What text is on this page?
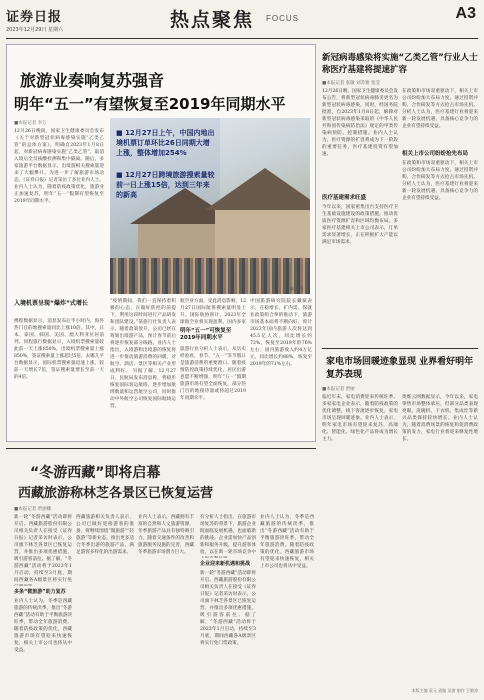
证券日报
2023年12月29日 星期六	热点聚焦 FOCUS	A3
旅游业奏响复苏强音
明年“五一”有望恢复至2019年同期水平
■本报记者 李万
12月26日晚间，国家卫生健康委员会发布《关于对新型冠状病毒感染实施“乙类乙管”的总体方案》，明确自2023年1月8日起，对新冠病毒感染实施“乙类乙管”，取消入境后全员核酸检测和集中隔离。随后，多家旅游平台数据显示，出境游相关搜索量迎来了大幅攀升。为进一步了解旅游市场动态，《证券日报》记者采访了多位业内人士。业内人士认为，随着防疫政策优化，旅游业正加速复苏，明年“五一”假期有望恢复至2019年同期水平。
入境机票呈现“爆炸”式增长
携程数据显示，消息发布后半小时内，海外热门目的地搜索量同比上涨10倍。其中，日本、泰国、韩国、美国、澳大利亚位居前列。同程旅行数据显示，入境机票搜索量较此前一天上涨850%，出境机票搜索量上涨850%，签证搜索量上涨超过5倍。去哪儿平台数据显示，国际机票搜索量迅速上涨，较前一天增长7倍，签证搜索量增长至前一天的4倍。
■ 12月27日上午，中国内地出境机票订单环比26日同期大增上涨，整体增加254%
■ 12月27日跨境旅游搜索量较前一日上涨15倍，达到三年来的新高
王巍 制图
“疫情期间，我们一直保持着积极的心态，在做好防控的前提下，利用这段时间进行产品研发和团队建设。”某旅行社负责人表示，随着政策放开，公司已经在筹划出境游产品，预计春节前后将逐步恢复部分线路。业内人士指出，入境游和出境游的恢复将进一步推动旅游消费的回暖，对航空、酒店、景区等相关产业形成利好。 另据了解，12月27日，民航局发布消息称，将稳步恢复国际客运航班，逐步增加航班数量和运营航空公司，同时推动中外航空公司恢复国际航线运营。
航空业方面，受此消息影响，12月27日国际航班搜索量明显上升。国际航协预计，2023年全球航空业将实现盈利。国内多家
明年“五一”可恢复至2019年同期水平
旅游行业分析人士表示，从历史经验看，春节、“五一”等节假日是旅游消费的重要窗口。随着疫情防控政策持续优化，居民出游意愿不断增强，明年“五一”假期旅游市场有望全面恢复，部分热门目的地接待量或将超过2019年同期水平。
中国旅游研究院院长戴斌表示，在稳增长、扩内需、保就业政策组合拳的推动下，旅游市场基本面将不断向好。预计2023年国内旅游人次将达到45.5亿人次，同比增长约73%，恢复至2019年的76%左右；国内旅游收入约4万亿元，同比增长约88%，恢复至2019年的71%左右。
新冠病毒感染将实施“乙类乙管”行业人士称医疗基建将提速扩容
■本报记者 张敏 刘苏雅 张莹
12月26日晚，国家卫生健康委员会发布公告，将新型冠状病毒肺炎更名为新型冠状病毒感染，同时，经国务院批准，自2023年1月8日起，解除对新型冠状病毒感染采取的《中华人民共和国传染病防治法》规定的甲类传染病预防、控制措施。业内人士认为，医疗资源的扩容将成为下一阶段的重要任务，医疗基建投资有望加速。
医疗基建需求旺盛
今年以来，国家密集出台支持医疗卫生基础设施建设的政策措施，推动优质医疗资源扩容和区域均衡布局。多家医疗基建相关上市公司表示，订单需求显著增长，正在积极扩大产能以满足市场需求。
在政策和市场双重驱动下，相关上市公司纷纷加大布局力度，通过投资并购、合作研发等方式抢占市场先机。分析人士认为，医疗基建行业将迎来新一轮发展机遇，具备核心竞争力的企业有望持续受益。
相关上市公司纷纷抢先布局
在政策和市场双重驱动下，相关上市公司纷纷加大布局力度，通过投资并购、合作研发等方式抢占市场先机。分析人士认为，医疗基建行业将迎来新一轮发展机遇，具备核心竞争力的企业有望持续受益。
家电市场回暖迹象显现 业界看好明年复苏表现
■本报记者 贾丽
临近年末，家电消费迎来传统旺季。多家家电企业表示，随着防疫政策的优化调整，线下客流逐步恢复，家电市场呈现回暖迹象。业内人士表示，明年家电市场有望迎来复苏，高端化、智能化、绿色化产品将成为增长主力。
奥维云网数据显示，今年以来，家电零售市场整体承压，但部分品类表现亮眼。洗碗机、干衣机、集成灶等新兴品类保持较快增长。业内人士认为，随着消费场景的恢复和促消费政策的发力，家电行业将迎来修复性增长。
“冬游西藏”即将启幕
西藏旅游称林芝各景区已恢复运营
■本报记者 贾丽娜
新一轮“冬游西藏”活动即将开启。西藏旅游股份有限公司相关负责人在接受《证券日报》记者采访时表示，公司旗下林芝各景区已恢复运营，并推出多项优惠措施，吸引游客前往。据了解，“冬游西藏”活动将于2023年1月启动，持续至3月底，期间西藏各A级景区将实行免
多条“微旅游”助力复苏
业内人士认为，冬季是西藏旅游的传统淡季，推出“冬游西藏”活动有助于平衡旅游淡旺季，带动全年旅游消费。随着防疫政策的优化，西藏旅游市场有望迎来快速恢复，相关上市公司也将从中受益。
西藏旅游相关负责人表示，公司已做好迎接游客的准备，将继续围绕“微旅游”“轻旅游”等新业态，推出更多适合冬季出游的旅游产品，满足游客多样化的出游需求。
业内人士表示，西藏拥有丰富的自然和人文旅游资源，冬季旅游产品具有独特吸引力。随着交通条件的改善和旅游服务设施的完善，西藏冬季旅游市场潜力巨大。
企业迎来新机遇和挑战
有分析人士指出，在旅游市场复苏的背景下，旅游企业既面临发展机遇，也面临新的挑战。企业需加快产品创新和服务升级，提升游客体验，以在新一轮市场竞争中
新一轮“冬游西藏”活动即将开启。西藏旅游股份有限公司相关负责人在接受《证券日报》记者采访时表示，公司旗下林芝各景区已恢复运营，并推出多项优惠措施，吸引游客前往。据了解，“冬游西藏”活动将于2023年1月启动，持续至3月底，期间西藏各A级景区将实行免门票政策。
业内人士认为，冬季是西藏旅游的传统淡季，推出“冬游西藏”活动有助于平衡旅游淡旺季，带动全年旅游消费。随着防疫政策的优化，西藏旅游市场有望迎来快速恢复，相关上市公司也将从中受益。
本版主编 袁元 责编 吴澍 制作 王敬涛
